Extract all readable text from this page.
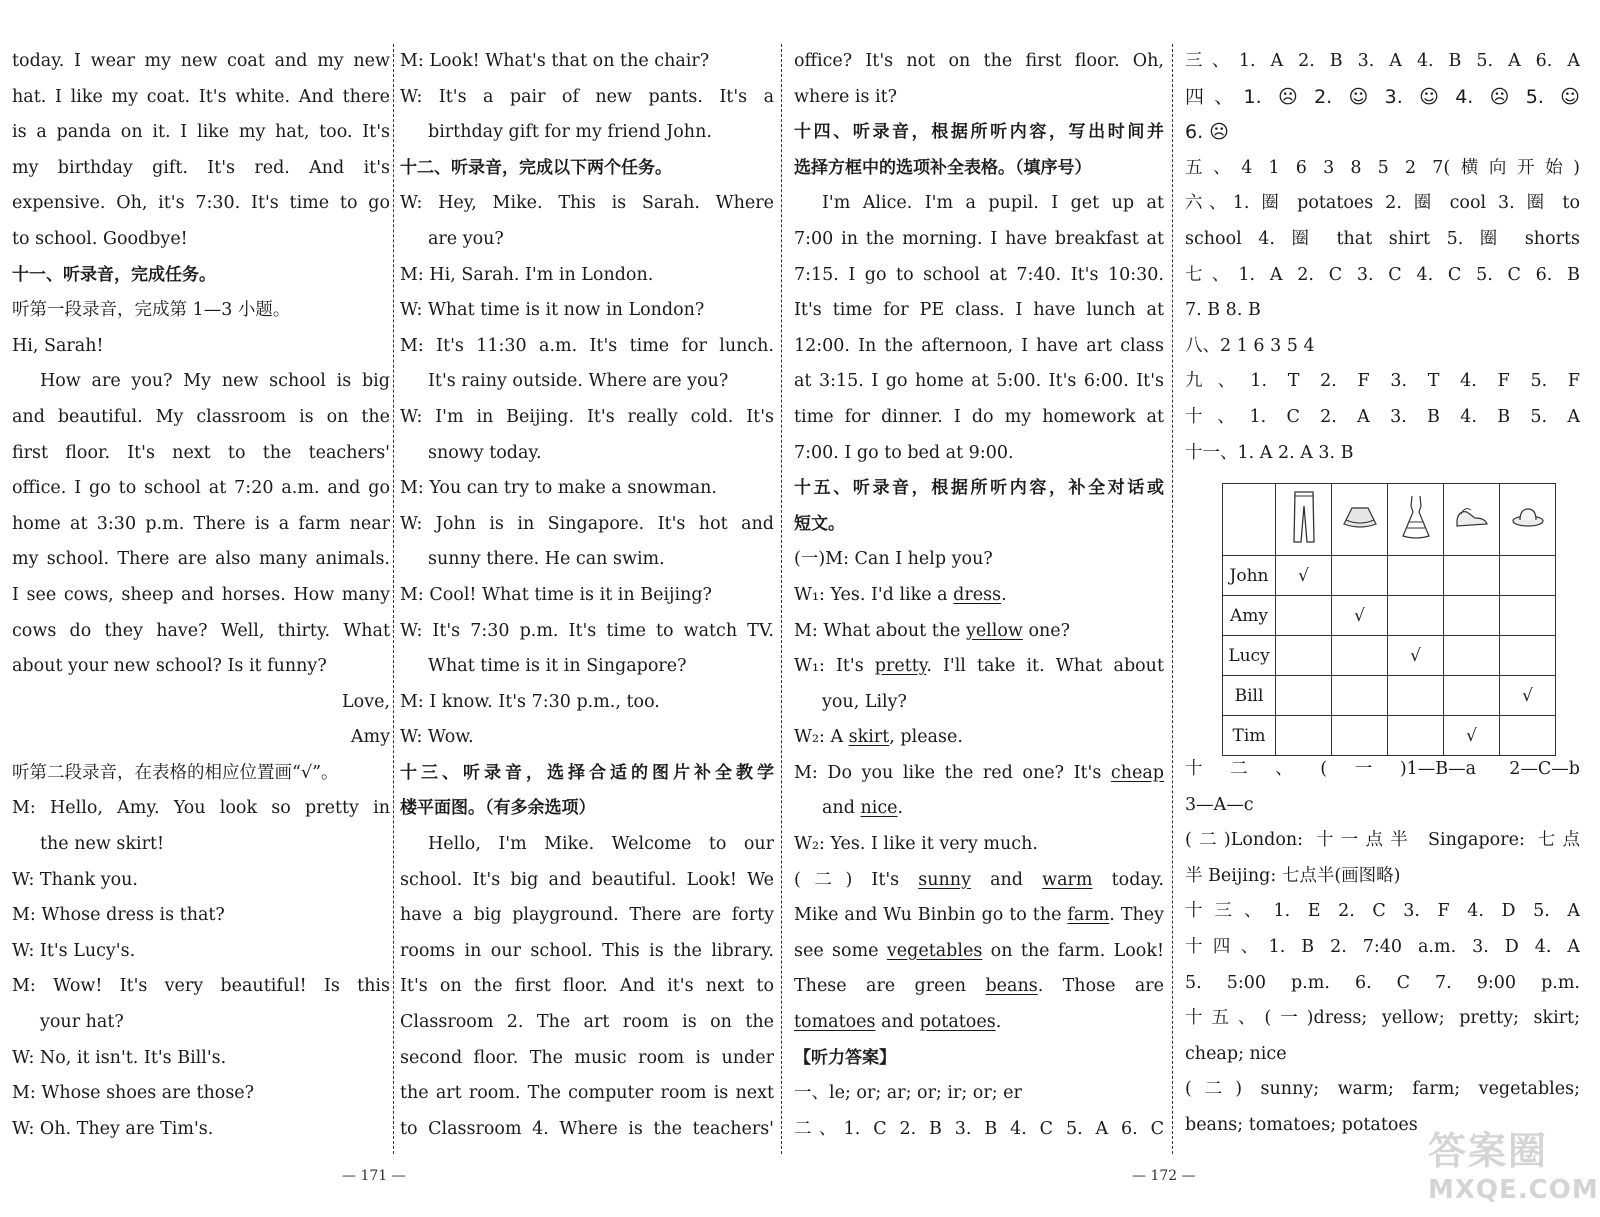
today. I wear my new coat and my new
hat. I like my coat. It's white. And there
is a panda on it. I like my hat, too. It's
my birthday gift. It's red. And it's
expensive. Oh, it's 7:30. It's time to go
to school. Goodbye!
十一、听录音，完成任务。
听第一段录音，完成第 1—3 小题。
Hi, Sarah!
How are you? My new school is big
and beautiful. My classroom is on the
first floor. It's next to the teachers'
office. I go to school at 7:20 a.m. and go
home at 3:30 p.m. There is a farm near
my school. There are also many animals.
I see cows, sheep and horses. How many
cows do they have? Well, thirty. What
about your new school? Is it funny?
Love,
Amy
听第二段录音，在表格的相应位置画“√”。
M: Hello, Amy. You look so pretty in
the new skirt!
W: Thank you.
M: Whose dress is that?
W: It's Lucy's.
M: Wow! It's very beautiful! Is this
your hat?
W: No, it isn't. It's Bill's.
M: Whose shoes are those?
W: Oh. They are Tim's.
M: Look! What's that on the chair?
W: It's a pair of new pants. It's a
birthday gift for my friend John.
十二、听录音，完成以下两个任务。
W: Hey, Mike. This is Sarah. Where
are you?
M: Hi, Sarah. I'm in London.
W: What time is it now in London?
M: It's 11:30 a.m. It's time for lunch.
It's rainy outside. Where are you?
W: I'm in Beijing. It's really cold. It's
snowy today.
M: You can try to make a snowman.
W: John is in Singapore. It's hot and
sunny there. He can swim.
M: Cool! What time is it in Beijing?
W: It's 7:30 p.m. It's time to watch TV.
What time is it in Singapore?
M: I know. It's 7:30 p.m., too.
W: Wow.
十三、听录音，选择合适的图片补全教学
楼平面图。（有多余选项）
Hello, I'm Mike. Welcome to our
school. It's big and beautiful. Look! We
have a big playground. There are forty
rooms in our school. This is the library.
It's on the first floor. And it's next to
Classroom 2. The art room is on the
second floor. The music room is under
the art room. The computer room is next
to Classroom 4. Where is the teachers'
office? It's not on the first floor. Oh,
where is it?
十四、听录音，根据所听内容，写出时间并
选择方框中的选项补全表格。（填序号）
I'm Alice. I'm a pupil. I get up at
7:00 in the morning. I have breakfast at
7:15. I go to school at 7:40. It's 10:30.
It's time for PE class. I have lunch at
12:00. In the afternoon, I have art class
at 3:15. I go home at 5:00. It's 6:00. It's
time for dinner. I do my homework at
7:00. I go to bed at 9:00.
十五、听录音，根据所听内容，补全对话或
短文。
(一)M: Can I help you?
W₁: Yes. I'd like a dress.
M: What about the yellow one?
W₁: It's pretty. I'll take it. What about
you, Lily?
W₂: A skirt, please.
M: Do you like the red one? It's cheap
and nice.
W₂: Yes. I like it very much.
(二) It's sunny and warm today.
Mike and Wu Binbin go to the farm. They
see some vegetables on the farm. Look!
These are green beans. Those are
tomatoes and potatoes.
【听力答案】
一、le; or; ar; or; ir; or; er
二、1. C 2. B 3. B 4. C 5. A 6. C
三、1. A 2. B 3. A 4. B 5. A 6. A
四、1. ☹ 2. ☺ 3. ☺ 4. ☹ 5. ☺
6. ☹
五、4 1 6 3 8 5 2 7(横向开始)
六、1. 圈 potatoes 2. 圈 cool 3. 圈 to
school 4. 圈 that shirt 5. 圈 shorts
七、1. A 2. C 3. C 4. C 5. C 6. B
7. B 8. B
八、2 1 6 3 5 4
九、1. T 2. F 3. T 4. F 5. F
十、1. C 2. A 3. B 4. B 5. A
十一、1. A 2. A 3. B
十二、(一)1—B—a 2—C—b
3—A—c
(二)London: 十一点半 Singapore: 七点
半 Beijing: 七点半(画图略)
十三、1. E 2. C 3. F 4. D 5. A
十四、1. B 2. 7:40 a.m. 3. D 4. A
5. 5:00 p.m. 6. C 7. 9:00 p.m.
十五、(一)dress; yellow; pretty; skirt;
cheap; nice
(二) sunny; warm; farm; vegetables;
beans; tomatoes; potatoes

John	√				
Amy		√			
Lucy			√		
Bill					√
Tim				√	
— 171 —	— 172 —
答案圈
MXQE.COM
